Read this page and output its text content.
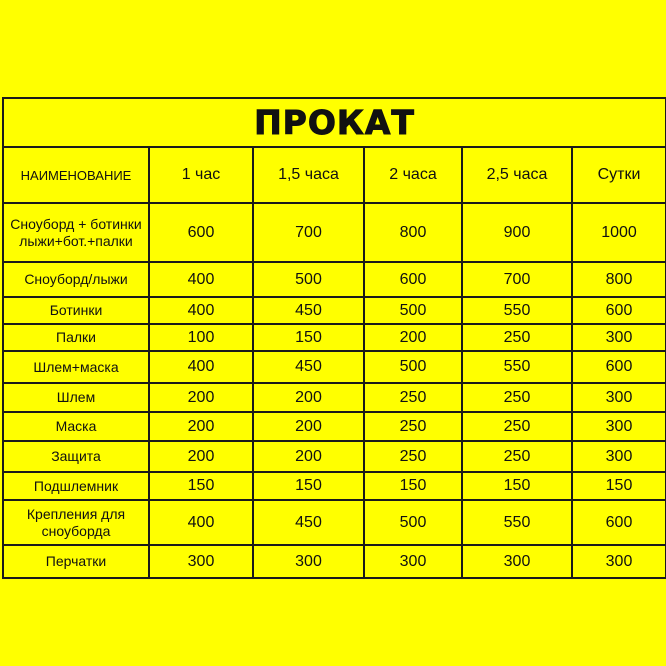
ПРОКАТ					
НАИМЕНОВАНИЕ	1 час	1,5 часа	2 часа	2,5 часа	Сутки
Сноуборд + ботинки
лыжи+бот.+палки	600	700	800	900	1000
Сноуборд/лыжи	400	500	600	700	800
Ботинки	400	450	500	550	600
Палки	100	150	200	250	300
Шлем+маска	400	450	500	550	600
Шлем	200	200	250	250	300
Маска	200	200	250	250	300
Защита	200	200	250	250	300
Подшлемник	150	150	150	150	150
Крепления для
сноуборда	400	450	500	550	600
Перчатки	300	300	300	300	300
